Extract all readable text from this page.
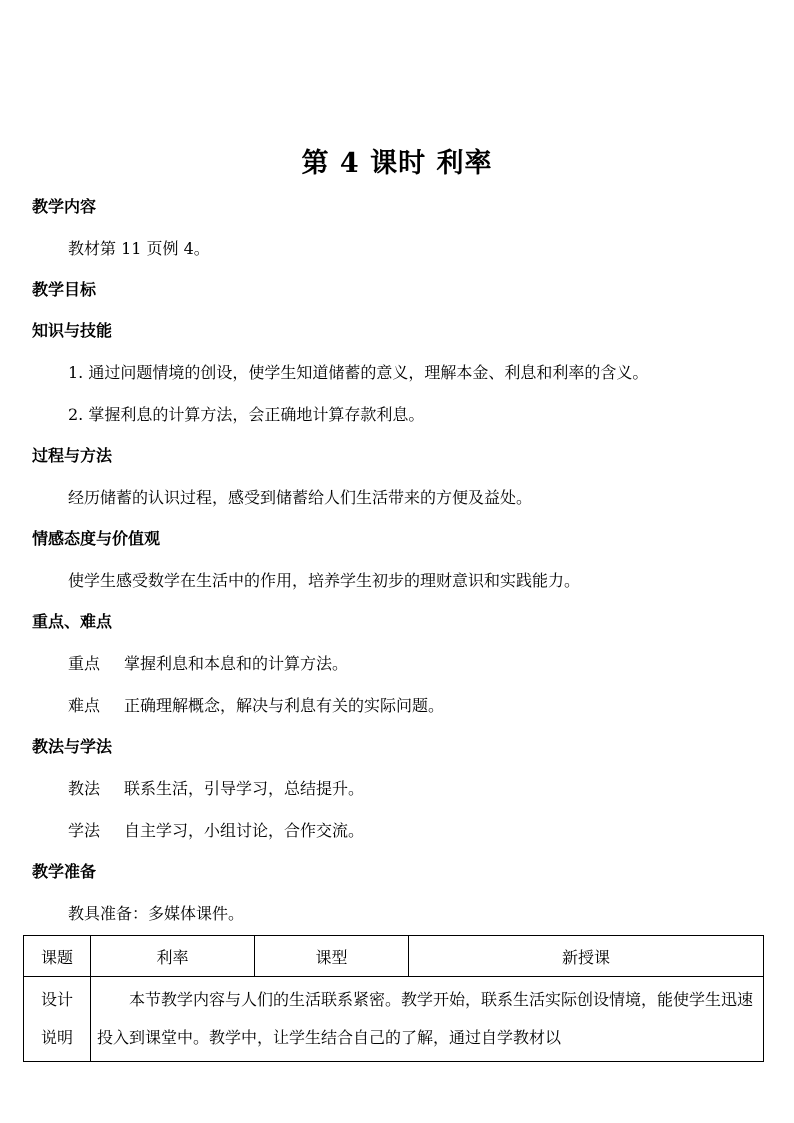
第 4 课时 利率
教学内容
教材第 11 页例 4。
教学目标
知识与技能
1. 通过问题情境的创设，使学生知道储蓄的意义，理解本金、利息和利率的含义。
2. 掌握利息的计算方法，会正确地计算存款利息。
过程与方法
经历储蓄的认识过程，感受到储蓄给人们生活带来的方便及益处。
情感态度与价值观
使学生感受数学在生活中的作用，培养学生初步的理财意识和实践能力。
重点、难点
重点 掌握利息和本息和的计算方法。
难点 正确理解概念，解决与利息有关的实际问题。
教法与学法
教法 联系生活，引导学习，总结提升。
学法 自主学习，小组讨论，合作交流。
教学准备
教具准备：多媒体课件。
课题	利率	课型	新授课

设计
说明	本节教学内容与人们的生活联系紧密。教学开始，联系生活实际创设情境，能使学生迅速投入到课堂中。教学中，让学生结合自己的了解，通过自学教材以		
